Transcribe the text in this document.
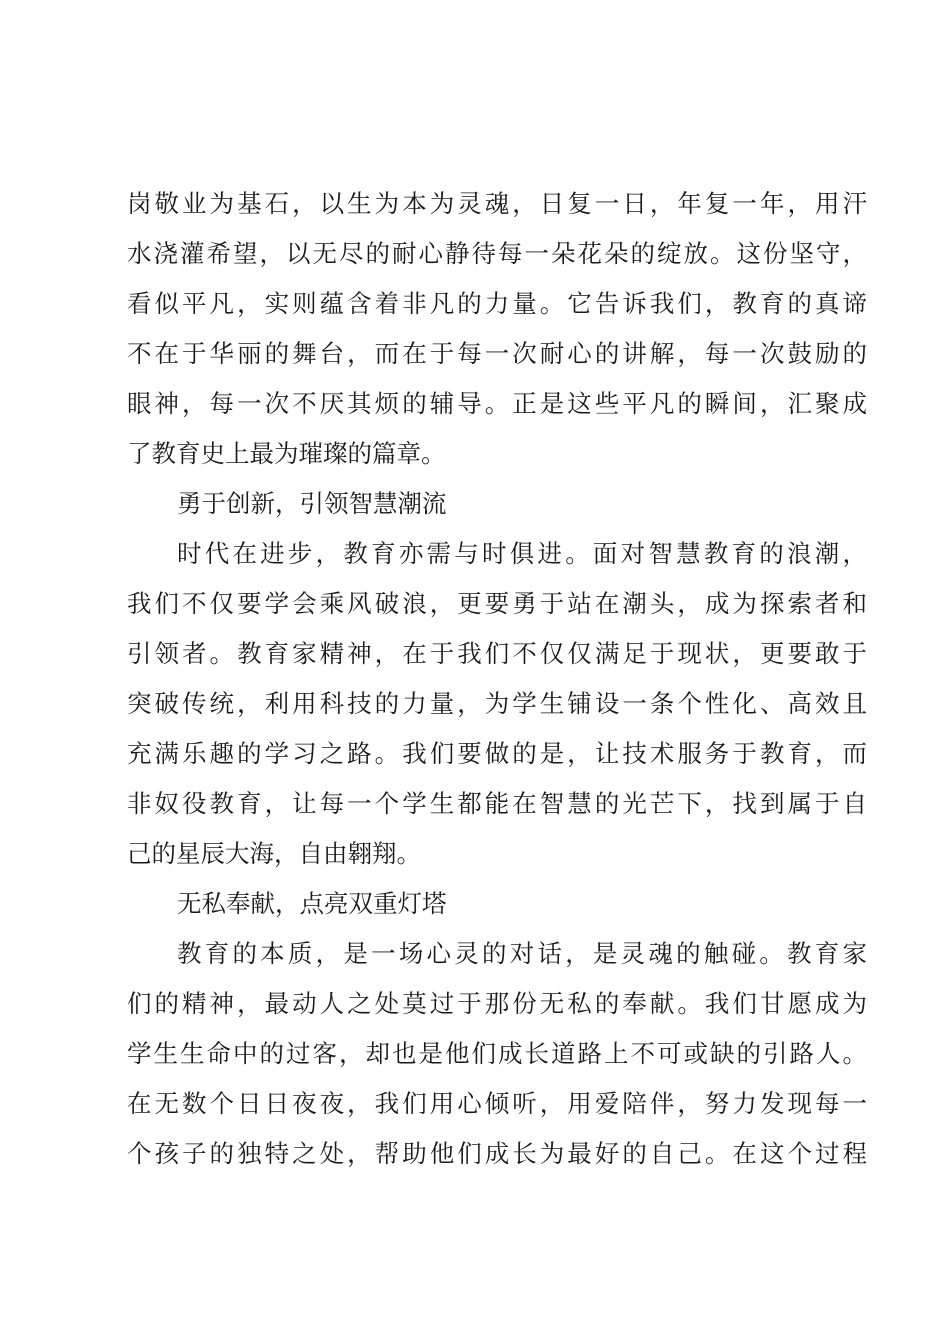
岗敬业为基石，以生为本为灵魂，日复一日，年复一年，用汗
水浇灌希望，以无尽的耐心静待每一朵花朵的绽放。这份坚守，
看似平凡，实则蕴含着非凡的力量。它告诉我们，教育的真谛
不在于华丽的舞台，而在于每一次耐心的讲解，每一次鼓励的
眼神，每一次不厌其烦的辅导。正是这些平凡的瞬间，汇聚成
了教育史上最为璀璨的篇章。
勇于创新，引领智慧潮流
时代在进步，教育亦需与时俱进。面对智慧教育的浪潮，
我们不仅要学会乘风破浪，更要勇于站在潮头，成为探索者和
引领者。教育家精神，在于我们不仅仅满足于现状，更要敢于
突破传统，利用科技的力量，为学生铺设一条个性化、高效且
充满乐趣的学习之路。我们要做的是，让技术服务于教育，而
非奴役教育，让每一个学生都能在智慧的光芒下，找到属于自
己的星辰大海，自由翱翔。
无私奉献，点亮双重灯塔
教育的本质，是一场心灵的对话，是灵魂的触碰。教育家
们的精神，最动人之处莫过于那份无私的奉献。我们甘愿成为
学生生命中的过客，却也是他们成长道路上不可或缺的引路人。
在无数个日日夜夜，我们用心倾听，用爱陪伴，努力发现每一
个孩子的独特之处，帮助他们成长为最好的自己。在这个过程
